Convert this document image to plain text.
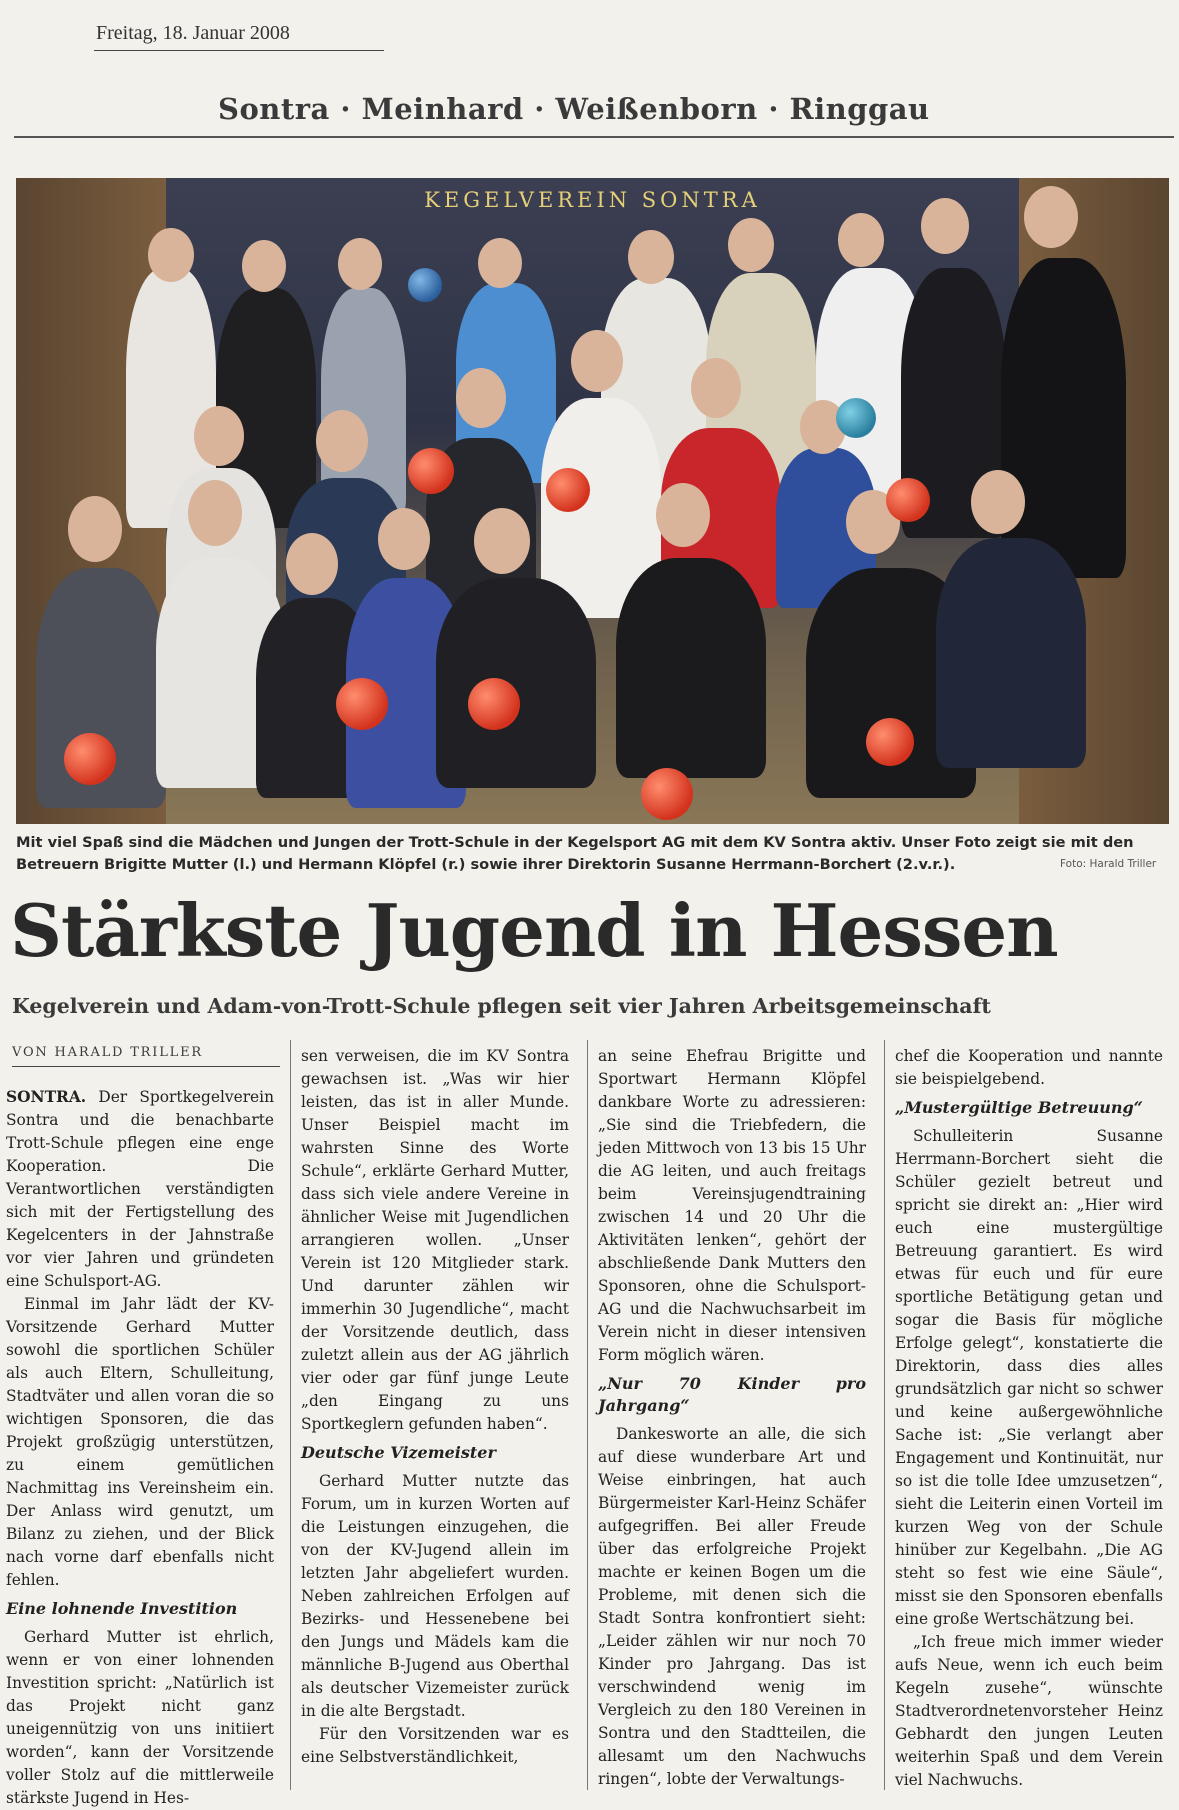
Freitag, 18. Januar 2008
Sontra · Meinhard · Weißenborn · Ringgau
KEGELVEREIN SONTRA
Mit viel Spaß sind die Mädchen und Jungen der Trott-Schule in der Kegelsport AG mit dem KV Sontra aktiv. Unser Foto zeigt sie mit den Betreuern Brigitte Mutter (l.) und Hermann Klöpfel (r.) sowie ihrer Direktorin Susanne Herrmann-Borchert (2.v.r.).	Foto: Harald Triller
Stärkste Jugend in Hessen
Kegelverein und Adam-von-Trott-Schule pflegen seit vier Jahren Arbeitsgemeinschaft
VON HARALD TRILLER

SONTRA. Der Sportkegelverein Sontra und die benachbarte Trott-Schule pflegen eine enge Kooperation. Die Verantwortlichen verständigten sich mit der Fertigstellung des Kegelcenters in der Jahnstraße vor vier Jahren und gründeten eine Schulsport-AG.

Einmal im Jahr lädt der KV-Vorsitzende Gerhard Mutter sowohl die sportlichen Schüler als auch Eltern, Schulleitung, Stadtväter und allen voran die so wichtigen Sponsoren, die das Projekt großzügig unterstützen, zu einem gemütlichen Nachmittag ins Vereinsheim ein. Der Anlass wird genutzt, um Bilanz zu ziehen, und der Blick nach vorne darf ebenfalls nicht fehlen.

Eine lohnende Investition

Gerhard Mutter ist ehrlich, wenn er von einer lohnenden Investition spricht: „Natürlich ist das Projekt nicht ganz uneigennützig von uns initiiert worden“, kann der Vorsitzende voller Stolz auf die mittlerweile stärkste Jugend in Hes-

sen verweisen, die im KV Sontra gewachsen ist. „Was wir hier leisten, das ist in aller Munde. Unser Beispiel macht im wahrsten Sinne des Worte Schule“, erklärte Gerhard Mutter, dass sich viele andere Vereine in ähnlicher Weise mit Jugendlichen arrangieren wollen. „Unser Verein ist 120 Mitglieder stark. Und darunter zählen wir immerhin 30 Jugendliche“, macht der Vorsitzende deutlich, dass zuletzt allein aus der AG jährlich vier oder gar fünf junge Leute „den Eingang zu uns Sportkeglern gefunden haben“.

Deutsche Vizemeister

Gerhard Mutter nutzte das Forum, um in kurzen Worten auf die Leistungen einzugehen, die von der KV-Jugend allein im letzten Jahr abgeliefert wurden. Neben zahlreichen Erfolgen auf Bezirks- und Hessenebene bei den Jungs und Mädels kam die männliche B-Jugend aus Oberthal als deutscher Vizemeister zurück in die alte Bergstadt.

Für den Vorsitzenden war es eine Selbstverständlichkeit,

an seine Ehefrau Brigitte und Sportwart Hermann Klöpfel dankbare Worte zu adressieren: „Sie sind die Triebfedern, die jeden Mittwoch von 13 bis 15 Uhr die AG leiten, und auch freitags beim Vereinsjugendtraining zwischen 14 und 20 Uhr die Aktivitäten lenken“, gehört der abschließende Dank Mutters den Sponsoren, ohne die Schulsport-AG und die Nachwuchsarbeit im Verein nicht in dieser intensiven Form möglich wären.

„Nur 70 Kinder pro Jahrgang“

Dankesworte an alle, die sich auf diese wunderbare Art und Weise einbringen, hat auch Bürgermeister Karl-Heinz Schäfer aufgegriffen. Bei aller Freude über das erfolgreiche Projekt machte er keinen Bogen um die Probleme, mit denen sich die Stadt Sontra konfrontiert sieht: „Leider zählen wir nur noch 70 Kinder pro Jahrgang. Das ist verschwindend wenig im Vergleich zu den 180 Vereinen in Sontra und den Stadtteilen, die allesamt um den Nachwuchs ringen“, lobte der Verwaltungs-

chef die Kooperation und nannte sie beispielgebend.

„Mustergültige Betreuung“

Schulleiterin Susanne Herrmann-Borchert sieht die Schüler gezielt betreut und spricht sie direkt an: „Hier wird euch eine mustergültige Betreuung garantiert. Es wird etwas für euch und für eure sportliche Betätigung getan und sogar die Basis für mögliche Erfolge gelegt“, konstatierte die Direktorin, dass dies alles grundsätzlich gar nicht so schwer und keine außergewöhnliche Sache ist: „Sie verlangt aber Engagement und Kontinuität, nur so ist die tolle Idee umzusetzen“, sieht die Leiterin einen Vorteil im kurzen Weg von der Schule hinüber zur Kegelbahn. „Die AG steht so fest wie eine Säule“, misst sie den Sponsoren ebenfalls eine große Wertschätzung bei.

„Ich freue mich immer wieder aufs Neue, wenn ich euch beim Kegeln zusehe“, wünschte Stadtverordnetenvorsteher Heinz Gebhardt den jungen Leuten weiterhin Spaß und dem Verein viel Nachwuchs.
